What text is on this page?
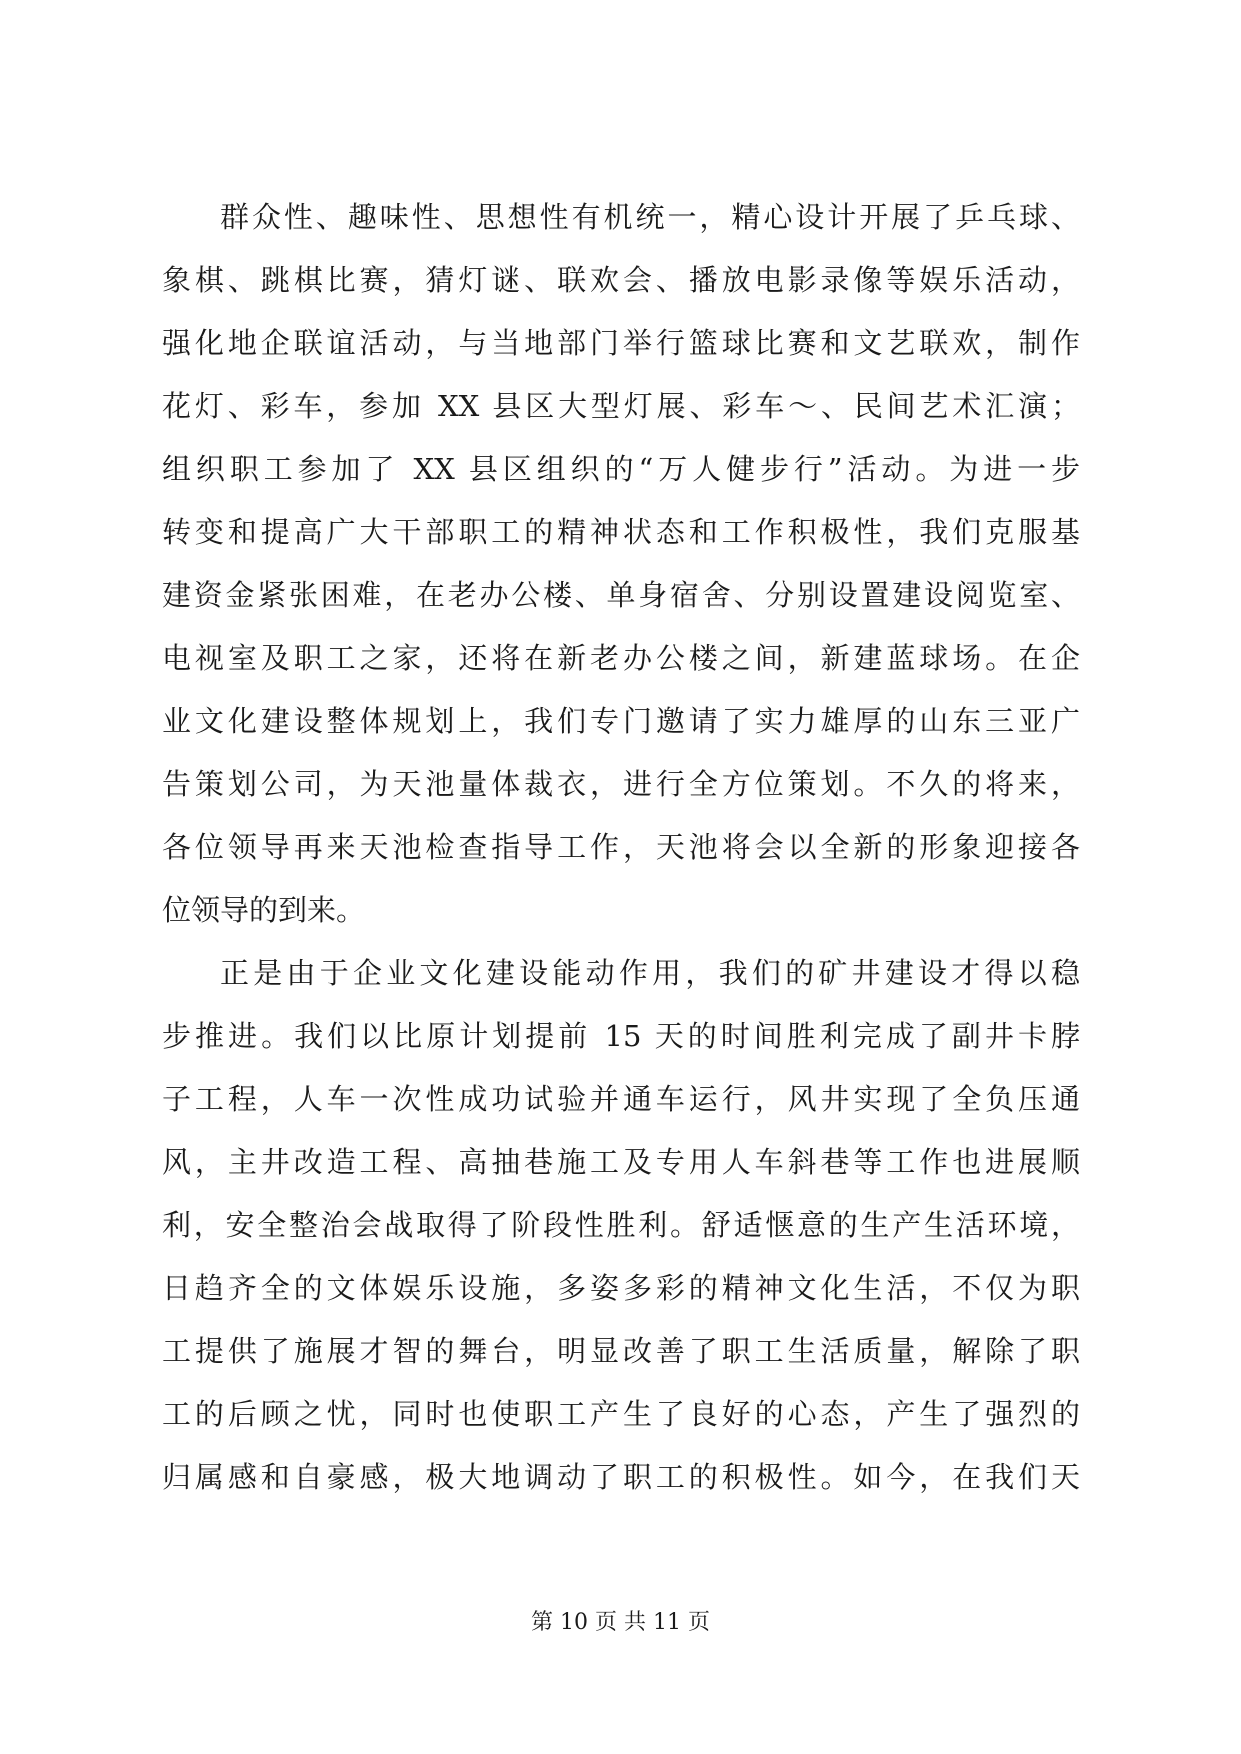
群众性、趣味性、思想性有机统一，精心设计开展了乒乓球、
象棋、跳棋比赛，猜灯谜、联欢会、播放电影录像等娱乐活动，
强化地企联谊活动，与当地部门举行篮球比赛和文艺联欢，制作
花灯、彩车，参加 XX 县区大型灯展、彩车～、民间艺术汇演；
组织职工参加了 XX 县区组织的“万人健步行”活动。为进一步
转变和提高广大干部职工的精神状态和工作积极性，我们克服基
建资金紧张困难，在老办公楼、单身宿舍、分别设置建设阅览室、
电视室及职工之家，还将在新老办公楼之间，新建蓝球场。在企
业文化建设整体规划上，我们专门邀请了实力雄厚的山东三亚广
告策划公司，为天池量体裁衣，进行全方位策划。不久的将来，
各位领导再来天池检查指导工作，天池将会以全新的形象迎接各
位领导的到来。
正是由于企业文化建设能动作用，我们的矿井建设才得以稳
步推进。我们以比原计划提前 15 天的时间胜利完成了副井卡脖
子工程，人车一次性成功试验并通车运行，风井实现了全负压通
风，主井改造工程、高抽巷施工及专用人车斜巷等工作也进展顺
利，安全整治会战取得了阶段性胜利。舒适惬意的生产生活环境，
日趋齐全的文体娱乐设施，多姿多彩的精神文化生活，不仅为职
工提供了施展才智的舞台，明显改善了职工生活质量，解除了职
工的后顾之忧，同时也使职工产生了良好的心态，产生了强烈的
归属感和自豪感，极大地调动了职工的积极性。如今，在我们天
第 10 页 共 11 页
